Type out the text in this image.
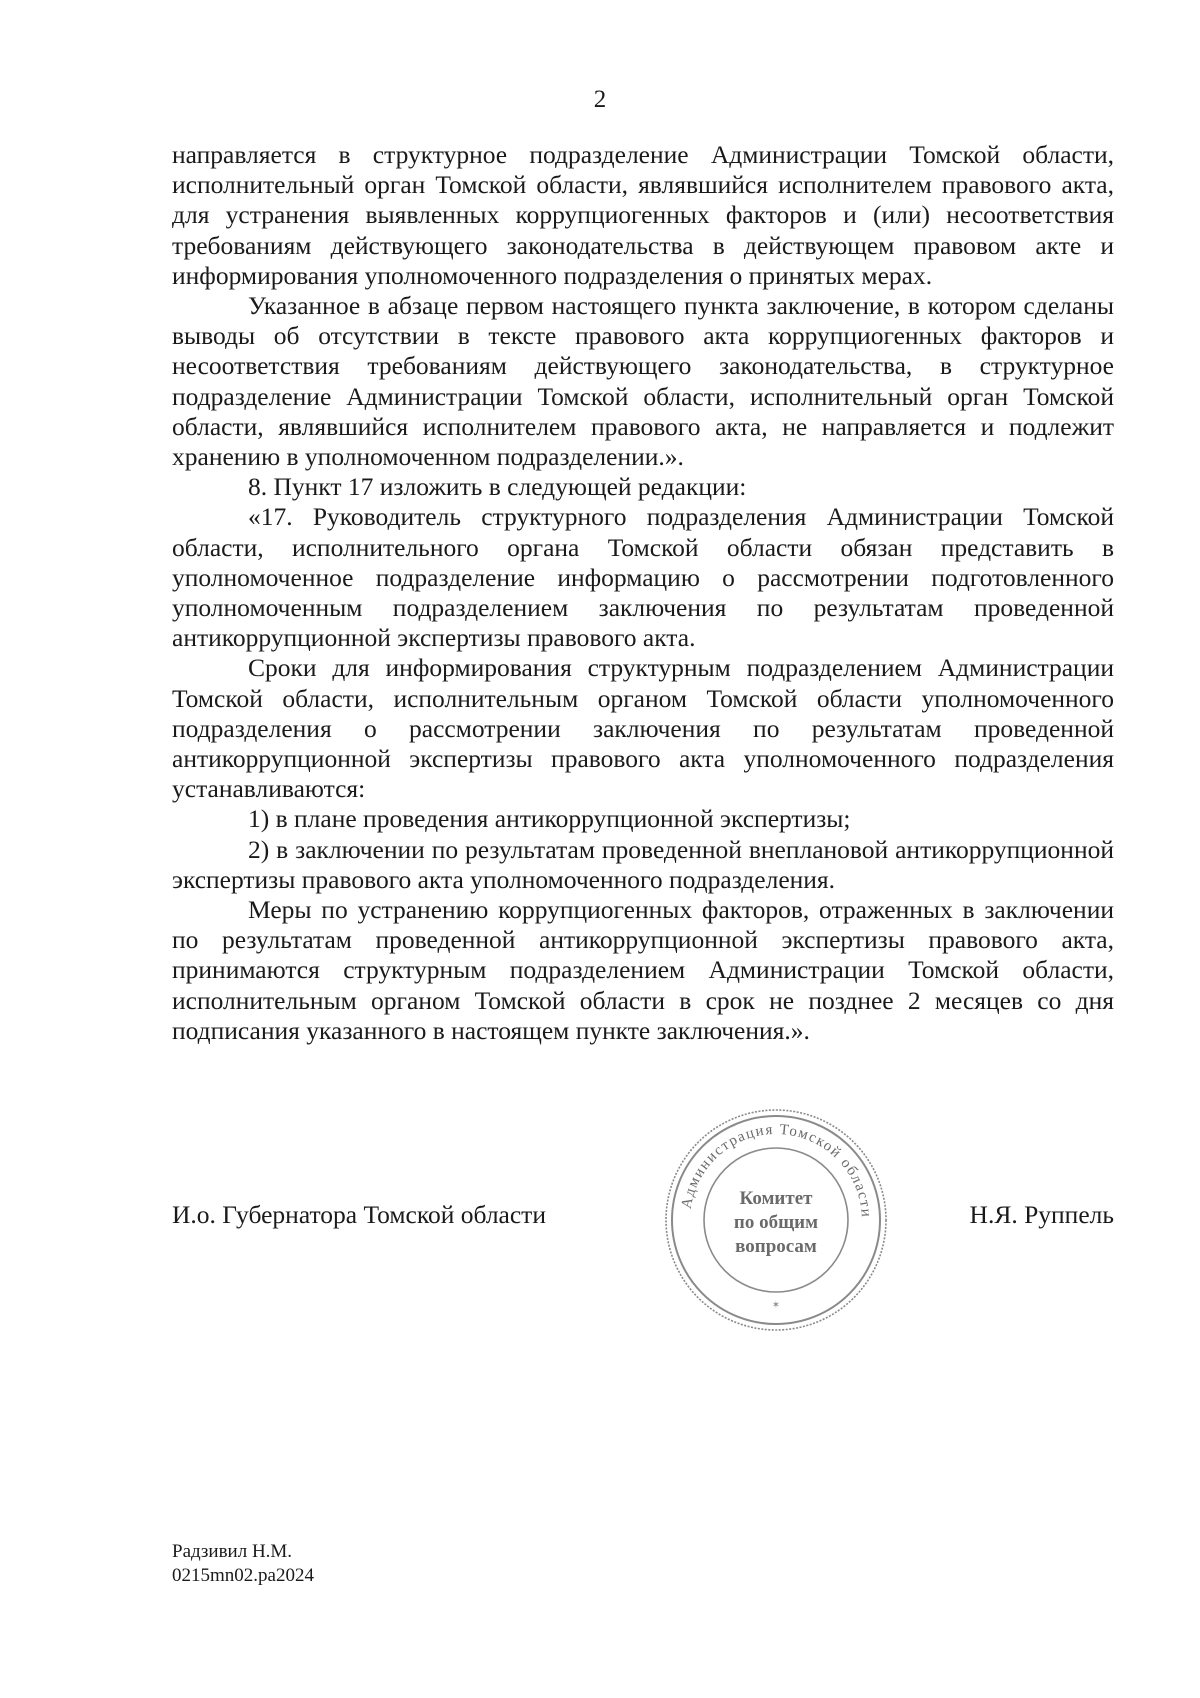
2

направляется в структурное подразделение Администрации Томской области, исполнительный орган Томской области, являвшийся исполнителем правового акта, для устранения выявленных коррупциогенных факторов и (или) несоответствия требованиям действующего законодательства в действующем правовом акте и информирования уполномоченного подразделения о принятых мерах.

Указанное в абзаце первом настоящего пункта заключение, в котором сделаны выводы об отсутствии в тексте правового акта коррупциогенных факторов и несоответствия требованиям действующего законодательства, в структурное подразделение Администрации Томской области, исполнительный орган Томской области, являвшийся исполнителем правового акта, не направляется и подлежит хранению в уполномоченном подразделении.».

8. Пункт 17 изложить в следующей редакции:

«17. Руководитель структурного подразделения Администрации Томской области, исполнительного органа Томской области обязан представить в уполномоченное подразделение информацию о рассмотрении подготовленного уполномоченным подразделением заключения по результатам проведенной антикоррупционной экспертизы правового акта.

Сроки для информирования структурным подразделением Администрации Томской области, исполнительным органом Томской области уполномоченного подразделения о рассмотрении заключения по результатам проведенной антикоррупционной экспертизы правового акта уполномоченного подразделения устанавливаются:

1) в плане проведения антикоррупционной экспертизы;

2) в заключении по результатам проведенной внеплановой антикоррупционной экспертизы правового акта уполномоченного подразделения.

Меры по устранению коррупциогенных факторов, отраженных в заключении по результатам проведенной антикоррупционной экспертизы правового акта, принимаются структурным подразделением Администрации Томской области, исполнительным органом Томской области в срок не позднее 2 месяцев со дня подписания указанного в настоящем пункте заключения.».

И.о. Губернатора Томской области	Администрация Томской области
Комитет
по общим
вопросам
✶
Н.Я. Руппель
Радзивил Н.М.
0215mn02.pa2024
